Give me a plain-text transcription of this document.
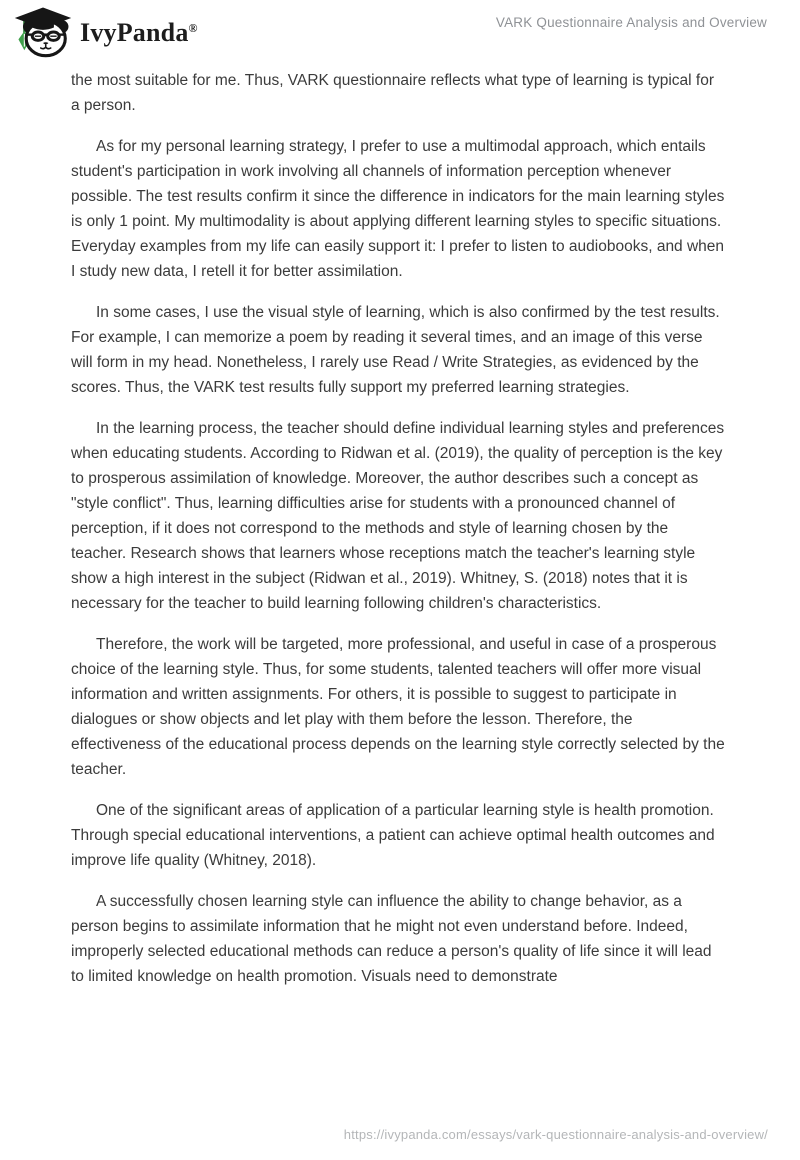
IvyPanda®	VARK Questionnaire Analysis and Overview

the most suitable for me. Thus, VARK questionnaire reflects what type of learning is typical for a person.

As for my personal learning strategy, I prefer to use a multimodal approach, which entails student's participation in work involving all channels of information perception whenever possible. The test results confirm it since the difference in indicators for the main learning styles is only 1 point. My multimodality is about applying different learning styles to specific situations. Everyday examples from my life can easily support it: I prefer to listen to audiobooks, and when I study new data, I retell it for better assimilation.

In some cases, I use the visual style of learning, which is also confirmed by the test results. For example, I can memorize a poem by reading it several times, and an image of this verse will form in my head. Nonetheless, I rarely use Read / Write Strategies, as evidenced by the scores. Thus, the VARK test results fully support my preferred learning strategies.

In the learning process, the teacher should define individual learning styles and preferences when educating students. According to Ridwan et al. (2019), the quality of perception is the key to prosperous assimilation of knowledge. Moreover, the author describes such a concept as "style conflict". Thus, learning difficulties arise for students with a pronounced channel of perception, if it does not correspond to the methods and style of learning chosen by the teacher. Research shows that learners whose receptions match the teacher's learning style show a high interest in the subject (Ridwan et al., 2019). Whitney, S. (2018) notes that it is necessary for the teacher to build learning following children's characteristics.

Therefore, the work will be targeted, more professional, and useful in case of a prosperous choice of the learning style. Thus, for some students, talented teachers will offer more visual information and written assignments. For others, it is possible to suggest to participate in dialogues or show objects and let play with them before the lesson. Therefore, the effectiveness of the educational process depends on the learning style correctly selected by the teacher.

One of the significant areas of application of a particular learning style is health promotion. Through special educational interventions, a patient can achieve optimal health outcomes and improve life quality (Whitney, 2018).

A successfully chosen learning style can influence the ability to change behavior, as a person begins to assimilate information that he might not even understand before. Indeed, improperly selected educational methods can reduce a person's quality of life since it will lead to limited knowledge on health promotion. Visuals need to demonstrate

https://ivypanda.com/essays/vark-questionnaire-analysis-and-overview/
